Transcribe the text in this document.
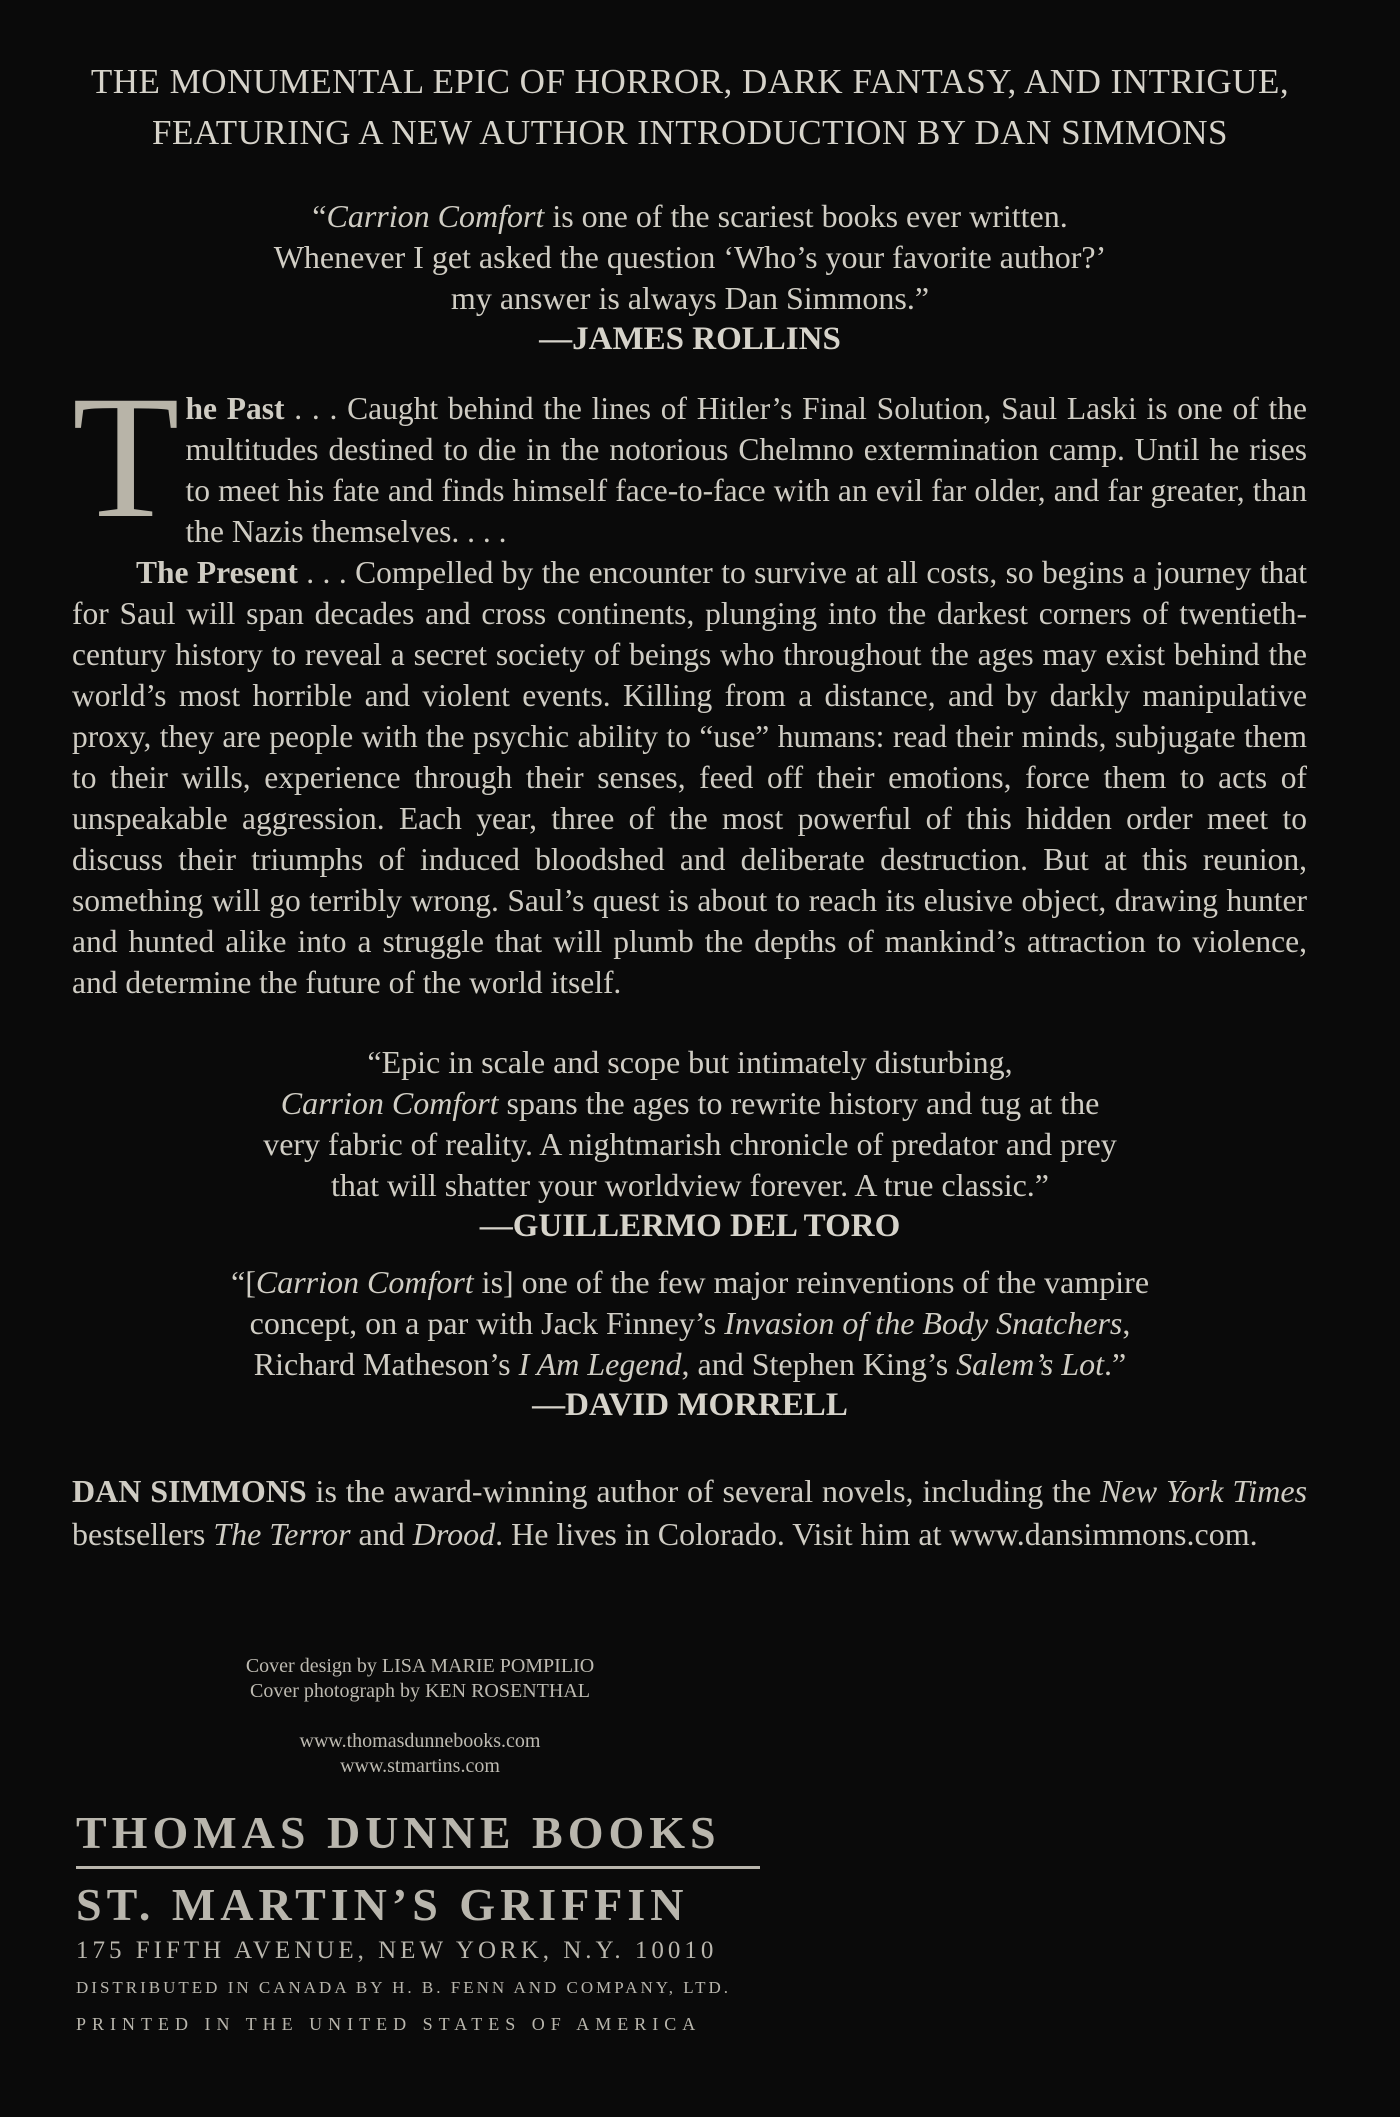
THE MONUMENTAL EPIC OF HORROR, DARK FANTASY, AND INTRIGUE,
FEATURING A NEW AUTHOR INTRODUCTION BY DAN SIMMONS
“Carrion Comfort is one of the scariest books ever written.
Whenever I get asked the question ‘Who’s your favorite author?’
my answer is always Dan Simmons.”
—JAMES ROLLINS

The Past . . . Caught behind the lines of Hitler’s Final Solution, Saul Laski is one of the multitudes destined to die in the notorious Chelmno extermination camp. Until he rises to meet his fate and finds himself face-to-face with an evil far older, and far greater, than the Nazis themselves. . . .

The Present . . . Compelled by the encounter to survive at all costs, so begins a journey that for Saul will span decades and cross continents, plunging into the darkest corners of twentieth-century history to reveal a secret society of beings who throughout the ages may exist behind the world’s most horrible and violent events. Killing from a distance, and by darkly manipulative proxy, they are people with the psychic ability to “use” humans: read their minds, subjugate them to their wills, experience through their senses, feed off their emotions, force them to acts of unspeakable aggression. Each year, three of the most powerful of this hidden order meet to discuss their triumphs of induced bloodshed and deliberate destruction. But at this reunion, something will go terribly wrong. Saul’s quest is about to reach its elusive object, drawing hunter and hunted alike into a struggle that will plumb the depths of mankind’s attraction to violence, and determine the future of the world itself.

“Epic in scale and scope but intimately disturbing,
Carrion Comfort spans the ages to rewrite history and tug at the
very fabric of reality. A nightmarish chronicle of predator and prey
that will shatter your worldview forever. A true classic.”
—GUILLERMO DEL TORO
“[Carrion Comfort is] one of the few major reinventions of the vampire
concept, on a par with Jack Finney’s Invasion of the Body Snatchers,
Richard Matheson’s I Am Legend, and Stephen King’s Salem’s Lot.”
—DAVID MORRELL
DAN SIMMONS is the award-winning author of several novels, including the New York Times bestsellers The Terror and Drood. He lives in Colorado. Visit him at www.dansimmons.com.
Cover design by LISA MARIE POMPILIO
Cover photograph by KEN ROSENTHAL
www.thomasdunnebooks.com
www.stmartins.com
THOMAS DUNNE BOOKS
ST. MARTIN’S GRIFFIN
175 FIFTH AVENUE, NEW YORK, N.Y. 10010
DISTRIBUTED IN CANADA BY H. B. FENN AND COMPANY, LTD.
PRINTED IN THE UNITED STATES OF AMERICA
